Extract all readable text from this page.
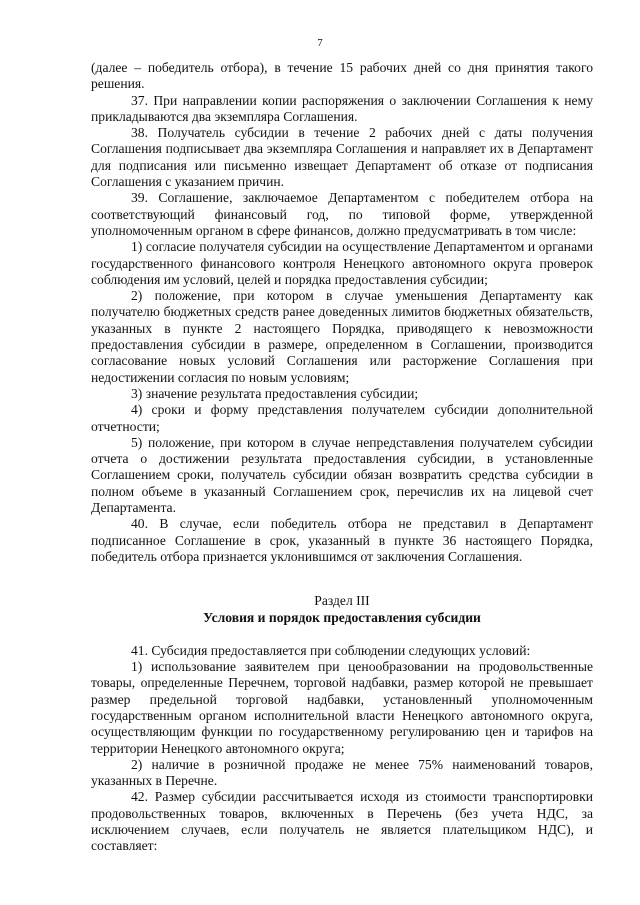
7

(далее – победитель отбора), в течение 15 рабочих дней со дня принятия такого решения.

37. При направлении копии распоряжения о заключении Соглашения к нему прикладываются два экземпляра Соглашения.

38. Получатель субсидии в течение 2 рабочих дней с даты получения Соглашения подписывает два экземпляра Соглашения и направляет их в Департамент для подписания или письменно извещает Департамент об отказе от подписания Соглашения с указанием причин.

39. Соглашение, заключаемое Департаментом с победителем отбора на соответствующий финансовый год, по типовой форме, утвержденной уполномоченным органом в сфере финансов, должно предусматривать в том числе:

1) согласие получателя субсидии на осуществление Департаментом и органами государственного финансового контроля Ненецкого автономного округа проверок соблюдения им условий, целей и порядка предоставления субсидии;

2) положение, при котором в случае уменьшения Департаменту как получателю бюджетных средств ранее доведенных лимитов бюджетных обязательств, указанных в пункте 2 настоящего Порядка, приводящего к невозможности предоставления субсидии в размере, определенном в Соглашении, производится согласование новых условий Соглашения или расторжение Соглашения при недостижении согласия по новым условиям;

3) значение результата предоставления субсидии;

4) сроки и форму представления получателем субсидии дополнительной отчетности;

5) положение, при котором в случае непредставления получателем субсидии отчета о достижении результата предоставления субсидии, в установленные Соглашением сроки, получатель субсидии обязан возвратить средства субсидии в полном объеме в указанный Соглашением срок, перечислив их на лицевой счет Департамента.

40. В случае, если победитель отбора не представил в Департамент подписанное Соглашение в срок, указанный в пункте 36 настоящего Порядка, победитель отбора признается уклонившимся от заключения Соглашения.

Раздел III

Условия и порядок предоставления субсидии

41. Субсидия предоставляется при соблюдении следующих условий:

1) использование заявителем при ценообразовании на продовольственные товары, определенные Перечнем, торговой надбавки, размер которой не превышает размер предельной торговой надбавки, установленный уполномоченным государственным органом исполнительной власти Ненецкого автономного округа, осуществляющим функции по государственному регулированию цен и тарифов на территории Ненецкого автономного округа;

2) наличие в розничной продаже не менее 75% наименований товаров, указанных в Перечне.

42. Размер субсидии рассчитывается исходя из стоимости транспортировки продовольственных товаров, включенных в Перечень (без учета НДС, за исключением случаев, если получатель не является плательщиком НДС), и составляет:
